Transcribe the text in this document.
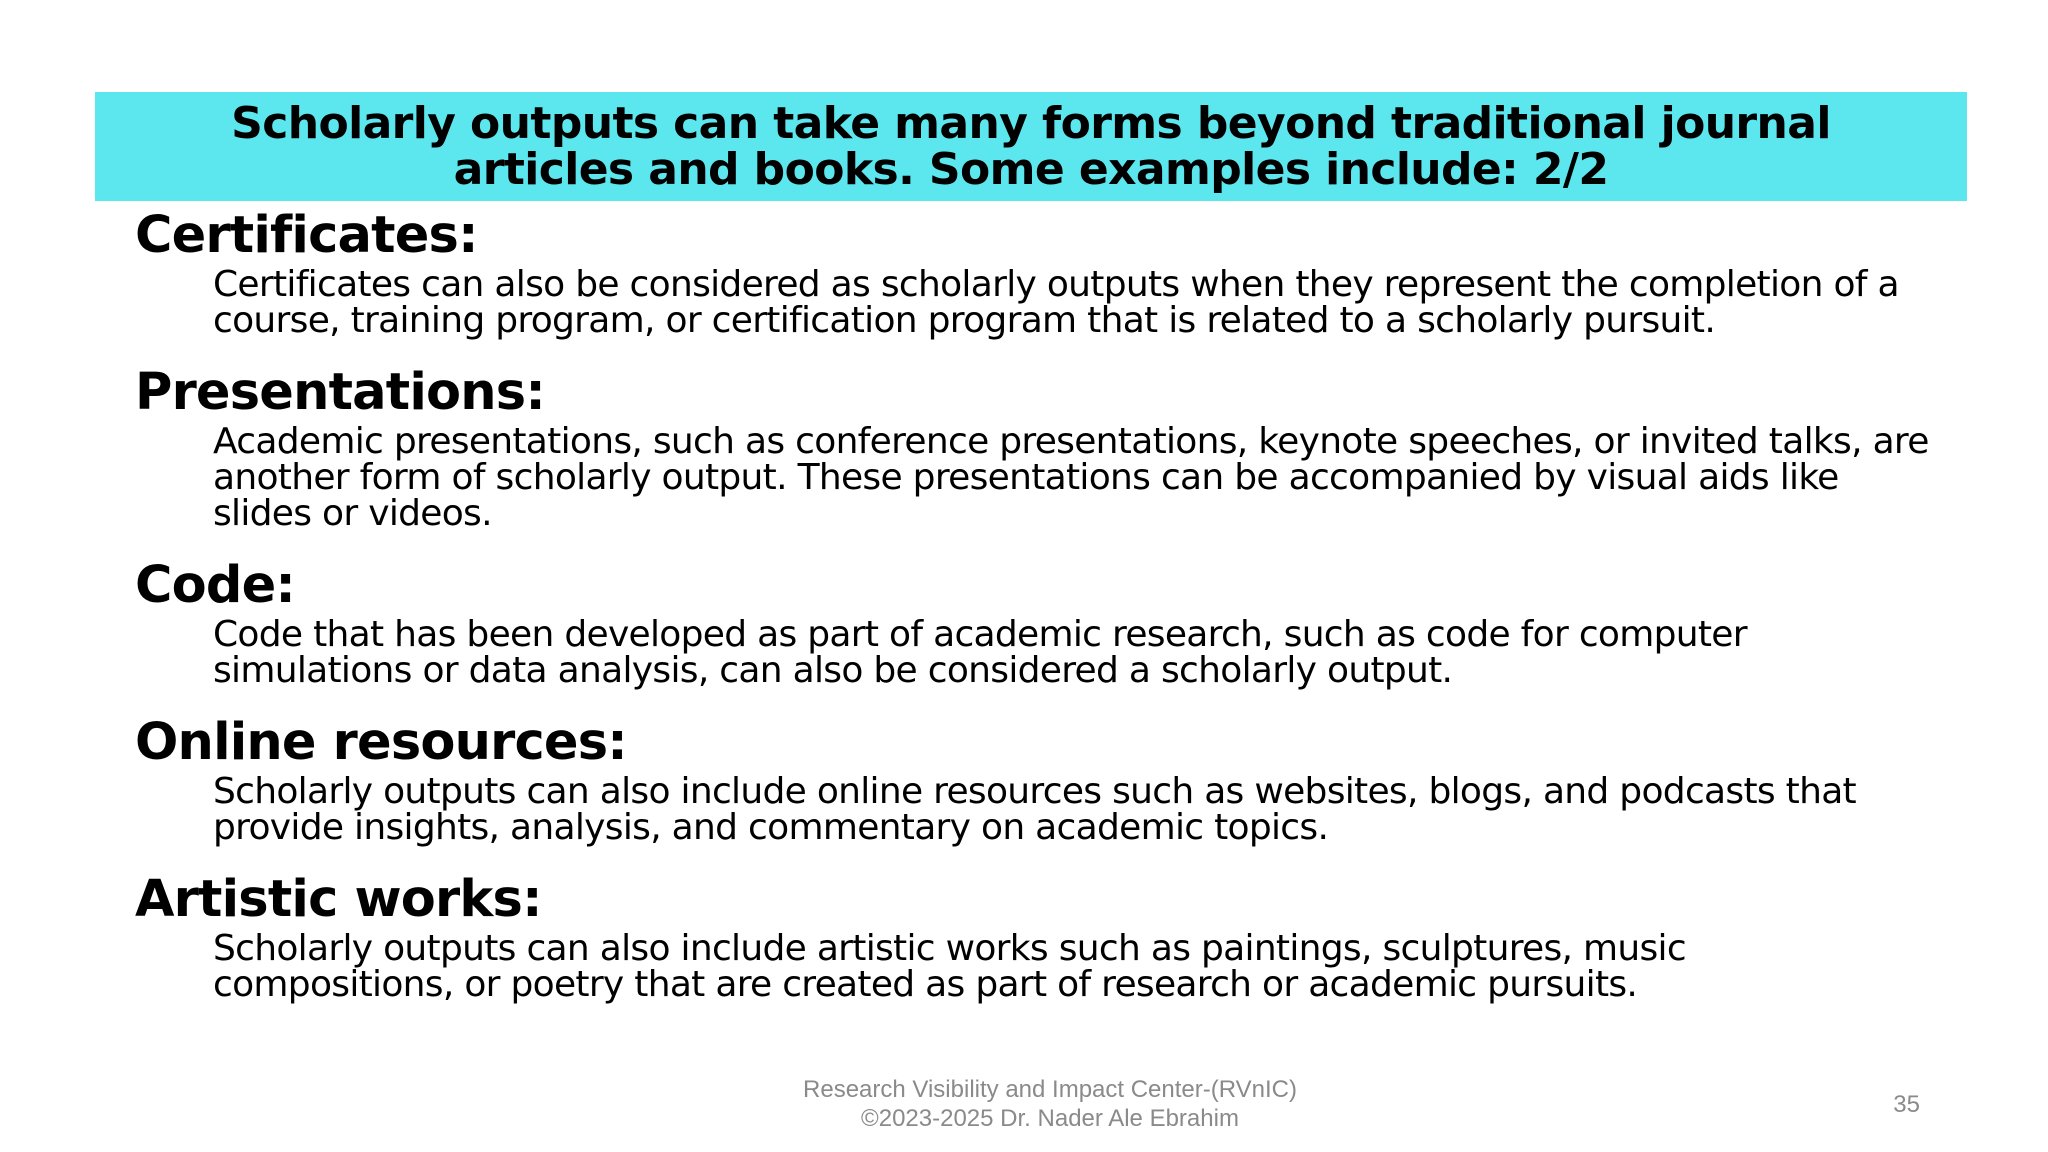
Scholarly outputs can take many forms beyond traditional journal articles and books. Some examples include: 2/2
Certificates:
Certificates can also be considered as scholarly outputs when they represent the completion of a course, training program, or certification program that is related to a scholarly pursuit.
Presentations:
Academic presentations, such as conference presentations, keynote speeches, or invited talks, are another form of scholarly output. These presentations can be accompanied by visual aids like slides or videos.
Code:
Code that has been developed as part of academic research, such as code for computer simulations or data analysis, can also be considered a scholarly output.
Online resources:
Scholarly outputs can also include online resources such as websites, blogs, and podcasts that provide insights, analysis, and commentary on academic topics.
Artistic works:
Scholarly outputs can also include artistic works such as paintings, sculptures, music compositions, or poetry that are created as part of research or academic pursuits.
Research Visibility and Impact Center-(RVnIC)
©2023-2025 Dr. Nader Ale Ebrahim
35
